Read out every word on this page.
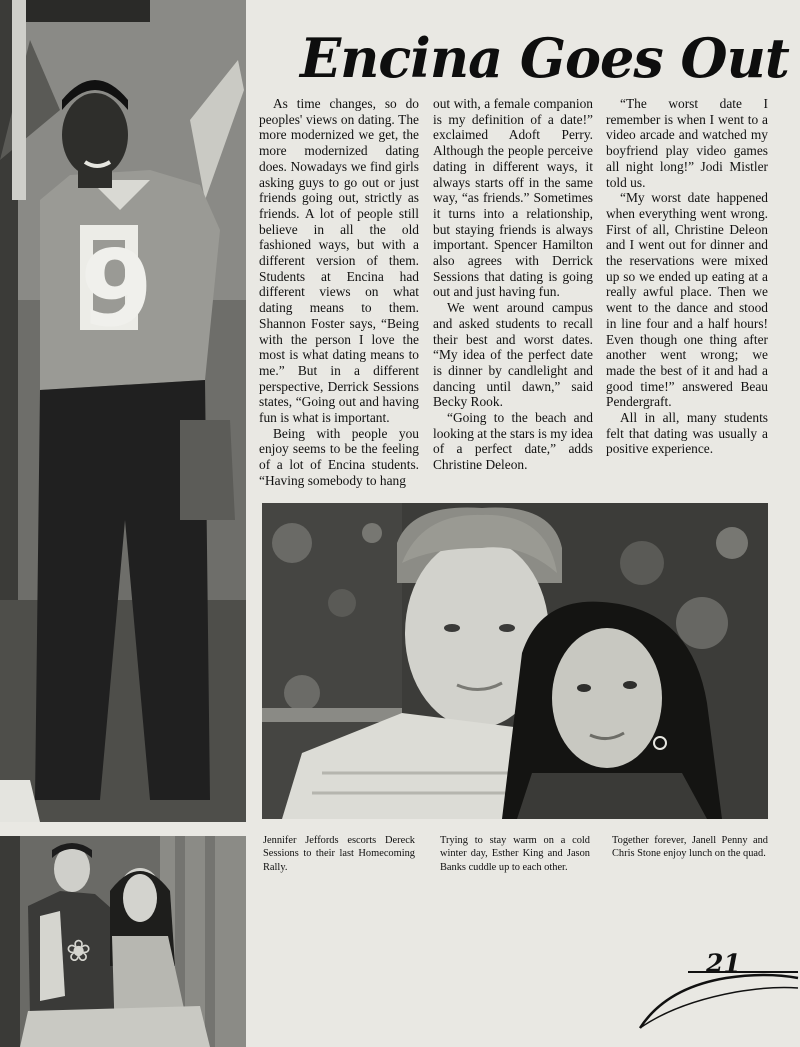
9
❀
Encina Goes Out

As time changes, so do peoples' views on dating. The more modernized we get, the more modernized dating does. Nowadays we find girls asking guys to go out or just friends going out, strictly as friends. A lot of people still believe in all the old fashioned ways, but with a different version of them. Students at Encina had different views on what dating means to them. Shannon Foster says, “Being with the person I love the most is what dating means to me.” But in a different perspective, Derrick Sessions states, “Going out and having fun is what is important.

Being with people you enjoy seems to be the feeling of a lot of Encina students. “Having somebody to hang

out with, a female companion is my definition of a date!” exclaimed Adoft Perry. Although the people perceive dating in different ways, it always starts off in the same way, “as friends.” Sometimes it turns into a relationship, but staying friends is always important. Spencer Hamilton also agrees with Derrick Sessions that dating is going out and just having fun.

We went around campus and asked students to recall their best and worst dates. “My idea of the perfect date is dinner by candlelight and dancing until dawn,” said Becky Rook.

“Going to the beach and looking at the stars is my idea of a perfect date,” adds Christine Deleon.

“The worst date I remember is when I went to a video arcade and watched my boyfriend play video games all night long!” Jodi Mistler told us.

“My worst date happened when everything went wrong. First of all, Christine Deleon and I went out for dinner and the reservations were mixed up so we ended up eating at a really awful place. Then we went to the dance and stood in line four and a half hours! Even though one thing after another went wrong; we made the best of it and had a good time!” answered Beau Pendergraft.

All in all, many students felt that dating was usually a positive experience.

Jennifer Jeffords escorts Dereck Sessions to their last Homecoming Rally.
Trying to stay warm on a cold winter day, Esther King and Jason Banks cuddle up to each other.
Together forever, Janell Penny and Chris Stone enjoy lunch on the quad.
21
